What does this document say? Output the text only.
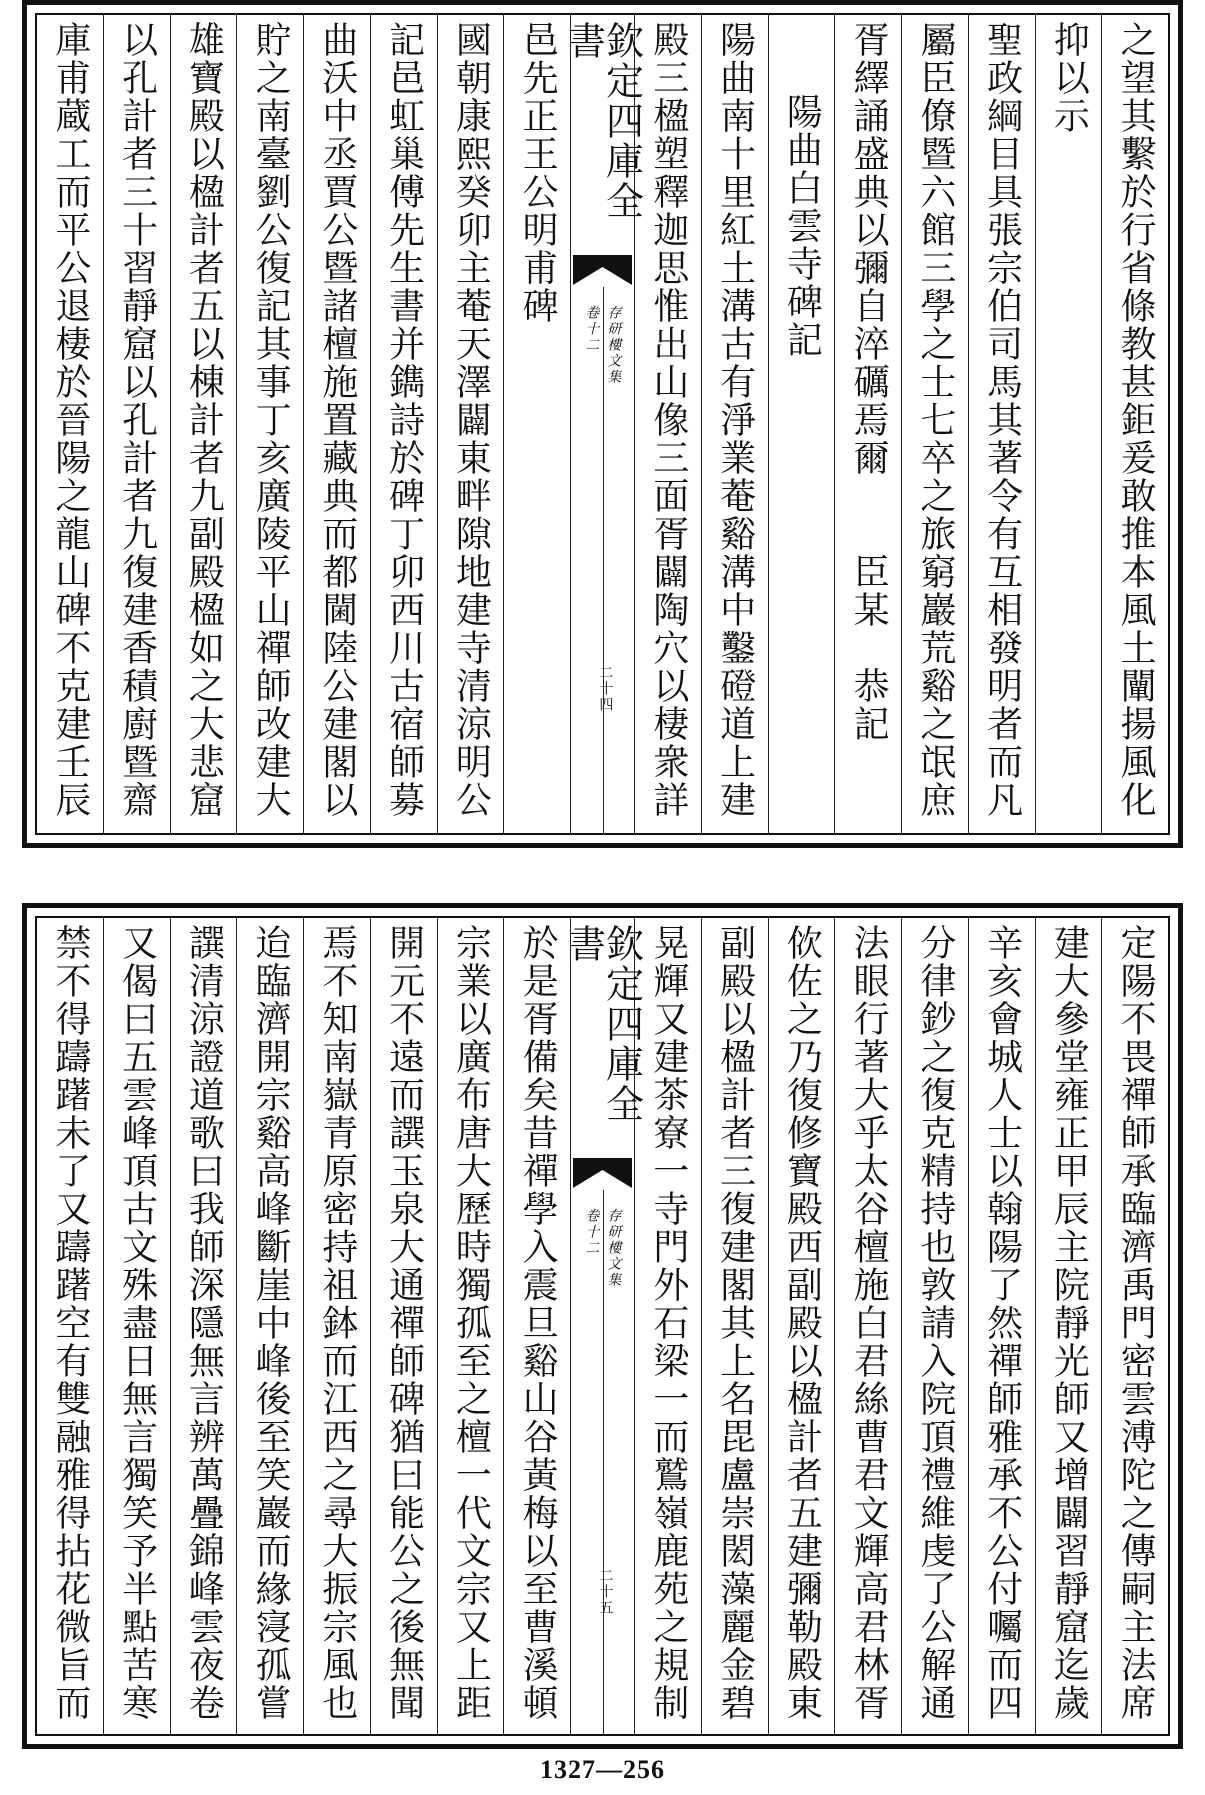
之望其繫於行省條教甚鉅爰敢推本風土闡揚風化
抑以示
聖政綱目具張宗伯司馬其著令有互相發明者而凡
屬臣僚暨六館三學之士七卒之旅窮巖荒谿之氓庶
胥繹誦盛典以彌自淬礪焉爾　　臣某　恭記
陽曲白雲寺碑記
陽曲南十里紅土溝古有淨業菴谿溝中鑿磴道上建
殿三楹塑釋迦思惟出山像三面胥闢陶穴以棲衆詳
欽定四庫全書
存研樓文集
卷十二
二十四
邑先正王公明甫碑
國朝康熙癸卯主菴天澤闢東畔隙地建寺清涼明公
記邑虹巢傅先生書并鐫詩於碑丁卯西川古宿師募
曲沃中丞賈公暨諸檀施置藏典而都閫陸公建閣以
貯之南臺劉公復記其事丁亥廣陵平山禪師改建大
雄寶殿以楹計者五以棟計者九副殿楹如之大悲窟
以孔計者三十習靜窟以孔計者九復建香積廚暨齋
庫甫蔵工而平公退棲於晉陽之龍山碑不克建壬辰
定陽不畏禪師承臨濟禹門密雲溥陀之傳嗣主法席
建大參堂雍正甲辰主院靜光師又增闢習靜窟迄歲
辛亥會城人士以翰陽了然禪師雅承不公付囑而四
分律鈔之復克精持也敦請入院頂禮維虔了公解通
法眼行著大乎太谷檀施白君絲曹君文輝高君林胥
佽佐之乃復修寶殿西副殿以楹計者五建彌勒殿東
副殿以楹計者三復建閣其上名毘盧崇閎藻麗金碧
晃輝又建茶寮一寺門外石梁一而鷲嶺鹿苑之規制
欽定四庫全書
存研樓文集
卷十二
二十五
於是胥備矣昔禪學入震旦谿山谷黃梅以至曹溪頓
宗業以廣布唐大歷時獨孤至之檀一代文宗又上距
開元不遠而譔玉泉大通禪師碑猶曰能公之後無聞
焉不知南嶽青原密持祖鉢而江西之尋大振宗風也
迨臨濟開宗谿高峰斷崖中峰後至笑巖而緣寖孤嘗
譔清涼證道歌曰我師深隱無言辨萬疊錦峰雲夜卷
又偈曰五雲峰頂古文殊盡日無言獨笑予半點苦寒
禁不得躊躇未了又躊躇空有雙融雅得拈花微旨而
1327—256
